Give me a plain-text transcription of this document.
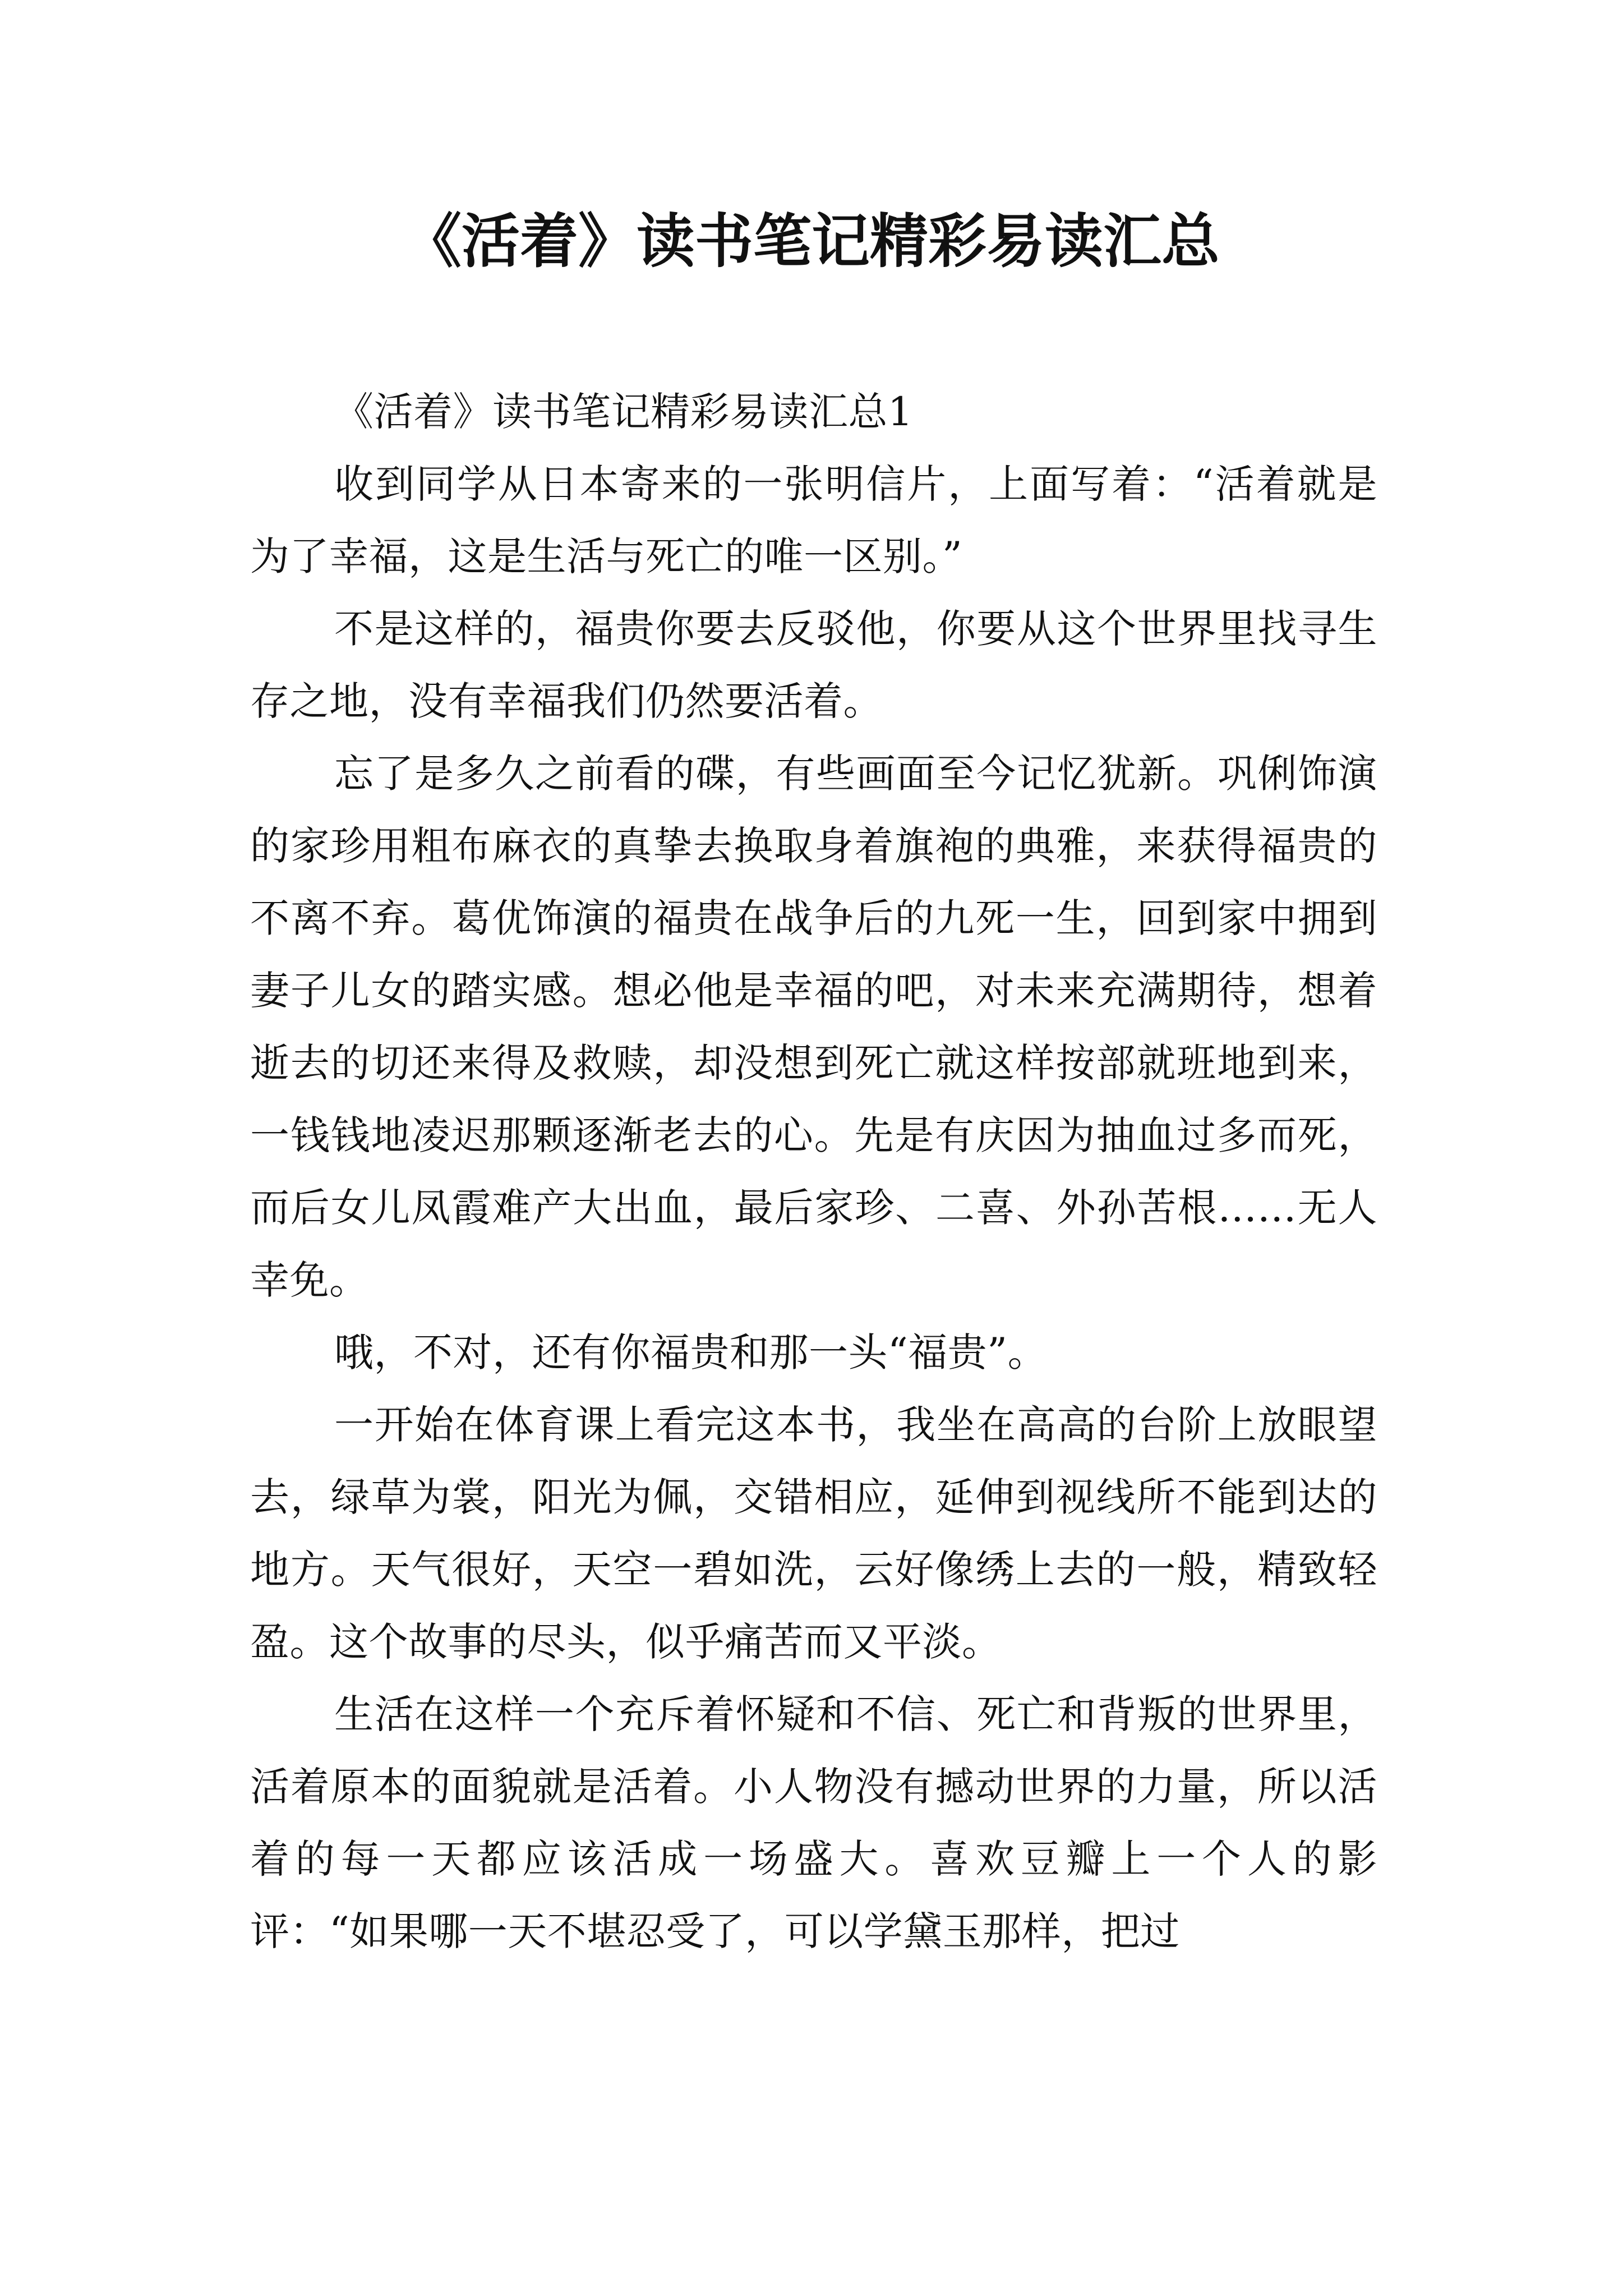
《活着》读书笔记精彩易读汇总

《活着》读书笔记精彩易读汇总1

收到同学从日本寄来的一张明信片，上面写着：“活着就是为了幸福，这是生活与死亡的唯一区别。”

不是这样的，福贵你要去反驳他，你要从这个世界里找寻生存之地，没有幸福我们仍然要活着。

忘了是多久之前看的碟，有些画面至今记忆犹新。巩俐饰演的家珍用粗布麻衣的真挚去换取身着旗袍的典雅，来获得福贵的不离不弃。葛优饰演的福贵在战争后的九死一生，回到家中拥到妻子儿女的踏实感。想必他是幸福的吧，对未来充满期待，想着逝去的切还来得及救赎，却没想到死亡就这样按部就班地到来，一钱钱地凌迟那颗逐渐老去的心。先是有庆因为抽血过多而死，而后女儿凤霞难产大出血，最后家珍、二喜、外孙苦根……无人幸免。

哦，不对，还有你福贵和那一头“福贵”。

一开始在体育课上看完这本书，我坐在高高的台阶上放眼望去，绿草为裳，阳光为佩，交错相应，延伸到视线所不能到达的地方。天气很好，天空一碧如洗，云好像绣上去的一般，精致轻盈。这个故事的尽头，似乎痛苦而又平淡。

生活在这样一个充斥着怀疑和不信、死亡和背叛的世界里，活着原本的面貌就是活着。小人物没有撼动世界的力量，所以活着的每一天都应该活成一场盛大。喜欢豆瓣上一个人的影评：“如果哪一天不堪忍受了，可以学黛玉那样，把过
